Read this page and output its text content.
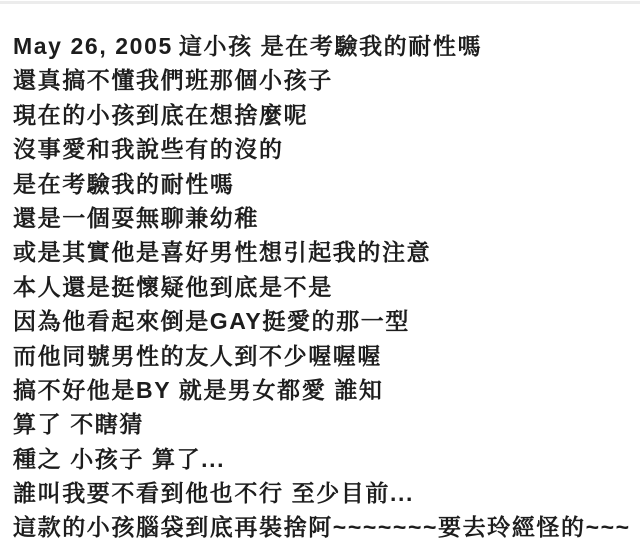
May 26, 2005 這小孩 是在考驗我的耐性嗎
還真搞不懂我們班那個小孩子
現在的小孩到底在想捨麼呢
沒事愛和我說些有的沒的
是在考驗我的耐性嗎
還是一個耍無聊兼幼稚
或是其實他是喜好男性想引起我的注意
本人還是挺懷疑他到底是不是
因為他看起來倒是GAY挺愛的那一型
而他同號男性的友人到不少喔喔喔
搞不好他是BY 就是男女都愛 誰知
算了 不瞎猜
種之 小孩子 算了...
誰叫我要不看到他也不行 至少目前...
這款的小孩腦袋到底再裝捨阿~~~~~~~要去玲經怪的~~~
